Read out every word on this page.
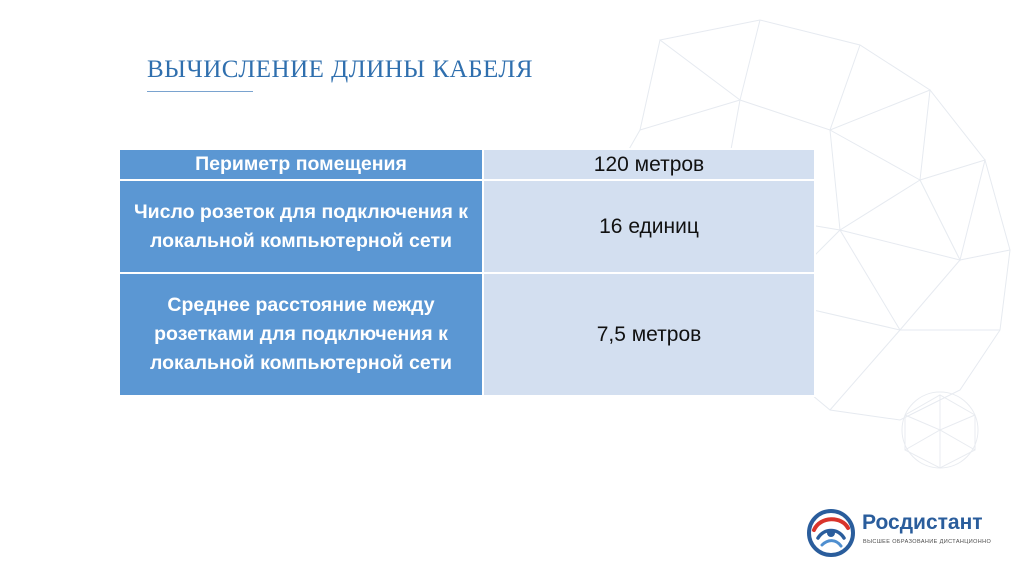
ВЫЧИСЛЕНИЕ ДЛИНЫ КАБЕЛЯ
Периметр помещения	120 метров
Число розеток для подключения к локальной компьютерной сети	16 единиц
Среднее расстояние между розетками для подключения к локальной компьютерной сети	7,5 метров
Росдистант
ВЫСШЕЕ ОБРАЗОВАНИЕ ДИСТАНЦИОННО
